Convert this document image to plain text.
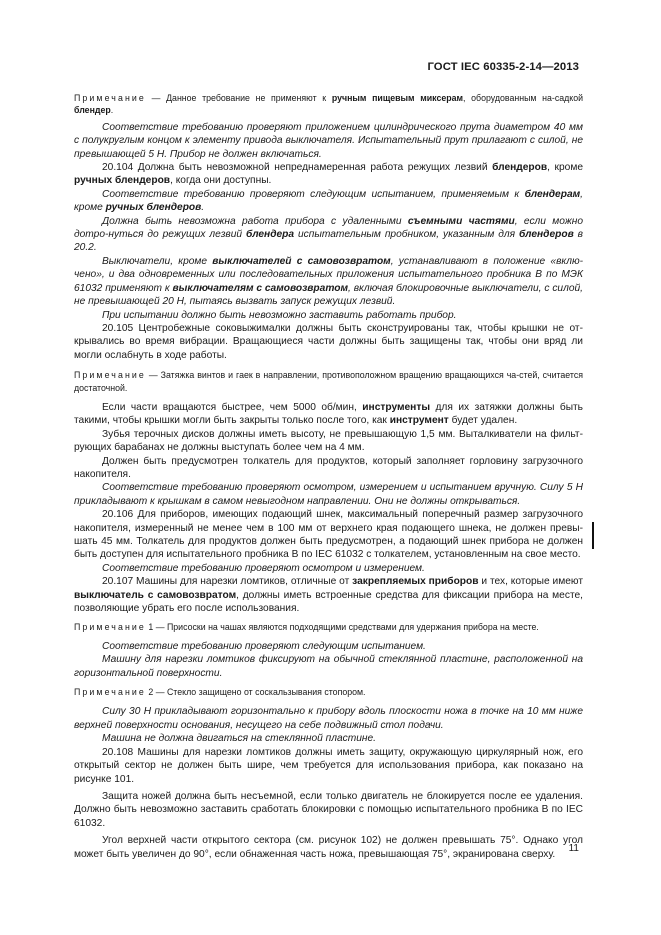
ГОСТ IEC 60335-2-14—2013

Примечание — Данное требование не применяют к ручным пищевым миксерам, оборудованным на-садкой блендер.

Соответствие требованию проверяют приложением цилиндрического прута диаметром 40 мм с полукруглым концом к элементу привода выключателя. Испытательный прут прилагают с силой, не превышающей 5 Н. Прибор не должен включаться.

20.104 Должна быть невозможной непреднамеренная работа режущих лезвий блендеров, кроме ручных блендеров, когда они доступны.

Соответствие требованию проверяют следующим испытанием, применяемым к блендерам, кроме ручных блендеров.

Должна быть невозможна работа прибора с удаленными съемными частями, если можно дотро-нуться до режущих лезвий блендера испытательным пробником, указанным для блендеров в 20.2.

Выключатели, кроме выключателей с самовозвратом, устанавливают в положение «вклю-чено», и два одновременных или последовательных приложения испытательного пробника В по МЭК 61032 применяют к выключателям с самовозвратом, включая блокировочные выключатели, с силой, не превышающей 20 Н, пытаясь вызвать запуск режущих лезвий.

При испытании должно быть невозможно заставить работать прибор.

20.105 Центробежные соковыжималки должны быть сконструированы так, чтобы крышки не от-крывались во время вибрации. Вращающиеся части должны быть защищены так, чтобы они вряд ли могли ослабнуть в ходе работы.

Примечание — Затяжка винтов и гаек в направлении, противоположном вращению вращающихся ча-стей, считается достаточной.

Если части вращаются быстрее, чем 5000 об/мин, инструменты для их затяжки должны быть такими, чтобы крышки могли быть закрыты только после того, как инструмент будет удален.

Зубья терочных дисков должны иметь высоту, не превышающую 1,5 мм. Выталкиватели на фильт-рующих барабанах не должны выступать более чем на 4 мм.

Должен быть предусмотрен толкатель для продуктов, который заполняет горловину загрузочного накопителя.

Соответствие требованию проверяют осмотром, измерением и испытанием вручную. Силу 5 Н прикладывают к крышкам в самом невыгодном направлении. Они не должны открываться.

20.106 Для приборов, имеющих подающий шнек, максимальный поперечный размер загрузочного накопителя, измеренный не менее чем в 100 мм от верхнего края подающего шнека, не должен превы-шать 45 мм. Толкатель для продуктов должен быть предусмотрен, а подающий шнек прибора не должен быть доступен для испытательного пробника В по IEC 61032 с толкателем, установленным на свое место.

Соответствие требованию проверяют осмотром и измерением.

20.107 Машины для нарезки ломтиков, отличные от закрепляемых приборов и тех, которые имеют выключатель с самовозвратом, должны иметь встроенные средства для фиксации прибора на месте, позволяющие убрать его после использования.

Примечание 1 — Присоски на чашах являются подходящими средствами для удержания прибора на месте.

Соответствие требованию проверяют следующим испытанием.

Машину для нарезки ломтиков фиксируют на обычной стеклянной пластине, расположенной на горизонтальной поверхности.

Примечание 2 — Стекло защищено от соскальзывания стопором.

Силу 30 Н прикладывают горизонтально к прибору вдоль плоскости ножа в точке на 10 мм ниже верхней поверхности основания, несущего на себе подвижный стол подачи.

Машина не должна двигаться на стеклянной пластине.

20.108 Машины для нарезки ломтиков должны иметь защиту, окружающую циркулярный нож, его открытый сектор не должен быть шире, чем требуется для использования прибора, как показано на рисунке 101.

Защита ножей должна быть несъемной, если только двигатель не блокируется после ее удаления. Должно быть невозможно заставить сработать блокировки с помощью испытательного пробника В по IEC 61032.

Угол верхней части открытого сектора (см. рисунок 102) не должен превышать 75°. Однако угол может быть увеличен до 90°, если обнаженная часть ножа, превышающая 75°, экранирована сверху.

11
